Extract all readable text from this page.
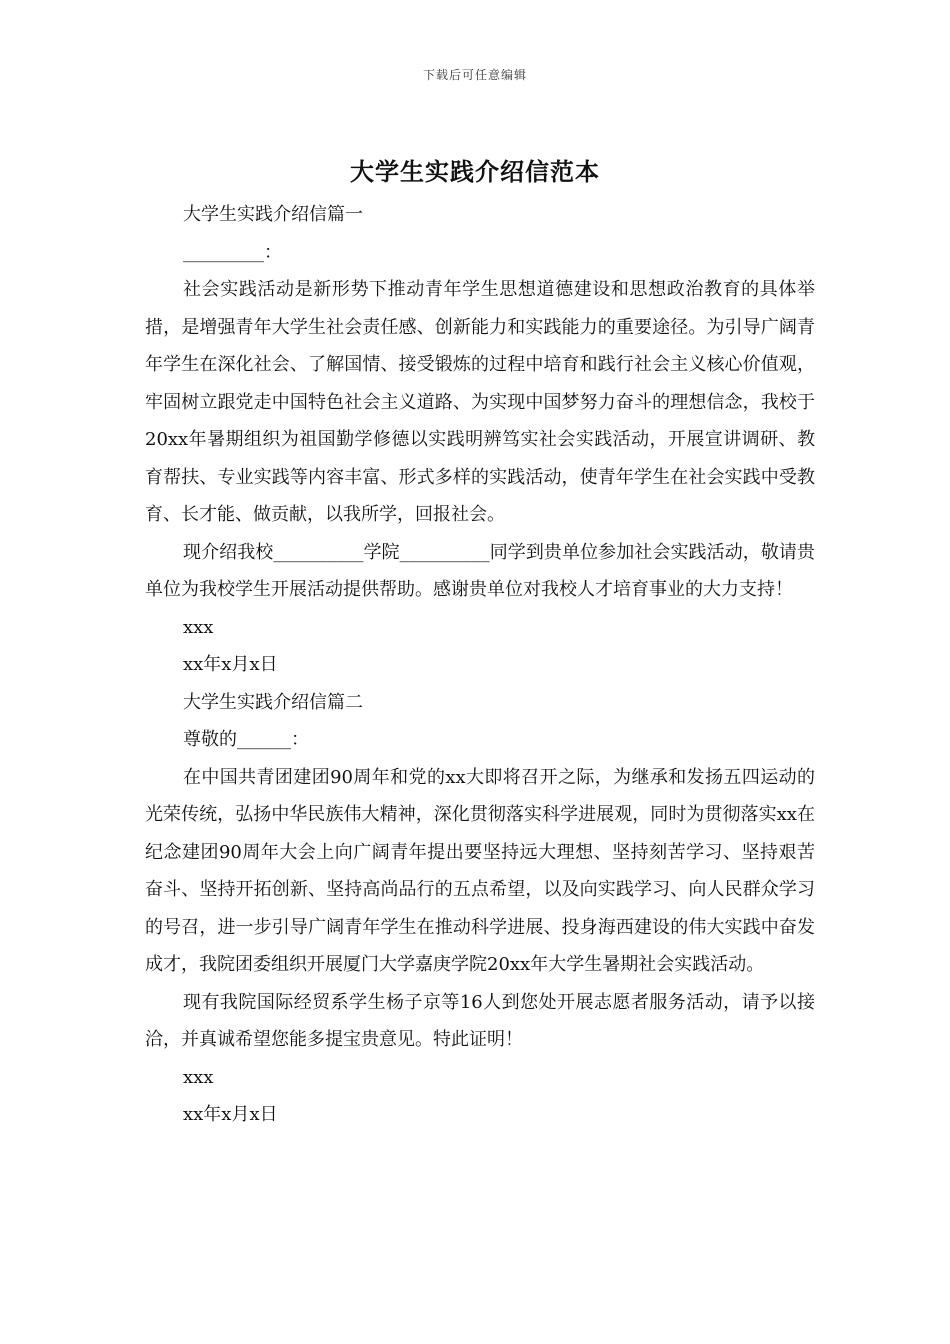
下载后可任意编辑
大学生实践介绍信范本

大学生实践介绍信篇一

_________：

社会实践活动是新形势下推动青年学生思想道德建设和思想政治教育的具体举措，是增强青年大学生社会责任感、创新能力和实践能力的重要途径。为引导广阔青年学生在深化社会、了解国情、接受锻炼的过程中培育和践行社会主义核心价值观，牢固树立跟党走中国特色社会主义道路、为实现中国梦努力奋斗的理想信念，我校于20xx年暑期组织为祖国勤学修德以实践明辨笃实社会实践活动，开展宣讲调研、教育帮扶、专业实践等内容丰富、形式多样的实践活动，使青年学生在社会实践中受教育、长才能、做贡献，以我所学，回报社会。

现介绍我校__________学院__________同学到贵单位参加社会实践活动，敬请贵单位为我校学生开展活动提供帮助。感谢贵单位对我校人才培育事业的大力支持！

xxx

xx年x月x日

大学生实践介绍信篇二

尊敬的______：

在中国共青团建团90周年和党的xx大即将召开之际，为继承和发扬五四运动的光荣传统，弘扬中华民族伟大精神，深化贯彻落实科学进展观，同时为贯彻落实xx在纪念建团90周年大会上向广阔青年提出要坚持远大理想、坚持刻苦学习、坚持艰苦奋斗、坚持开拓创新、坚持高尚品行的五点希望，以及向实践学习、向人民群众学习的号召，进一步引导广阔青年学生在推动科学进展、投身海西建设的伟大实践中奋发成才，我院团委组织开展厦门大学嘉庚学院20xx年大学生暑期社会实践活动。

现有我院国际经贸系学生杨子京等16人到您处开展志愿者服务活动，请予以接洽，并真诚希望您能多提宝贵意见。特此证明！

xxx

xx年x月x日
